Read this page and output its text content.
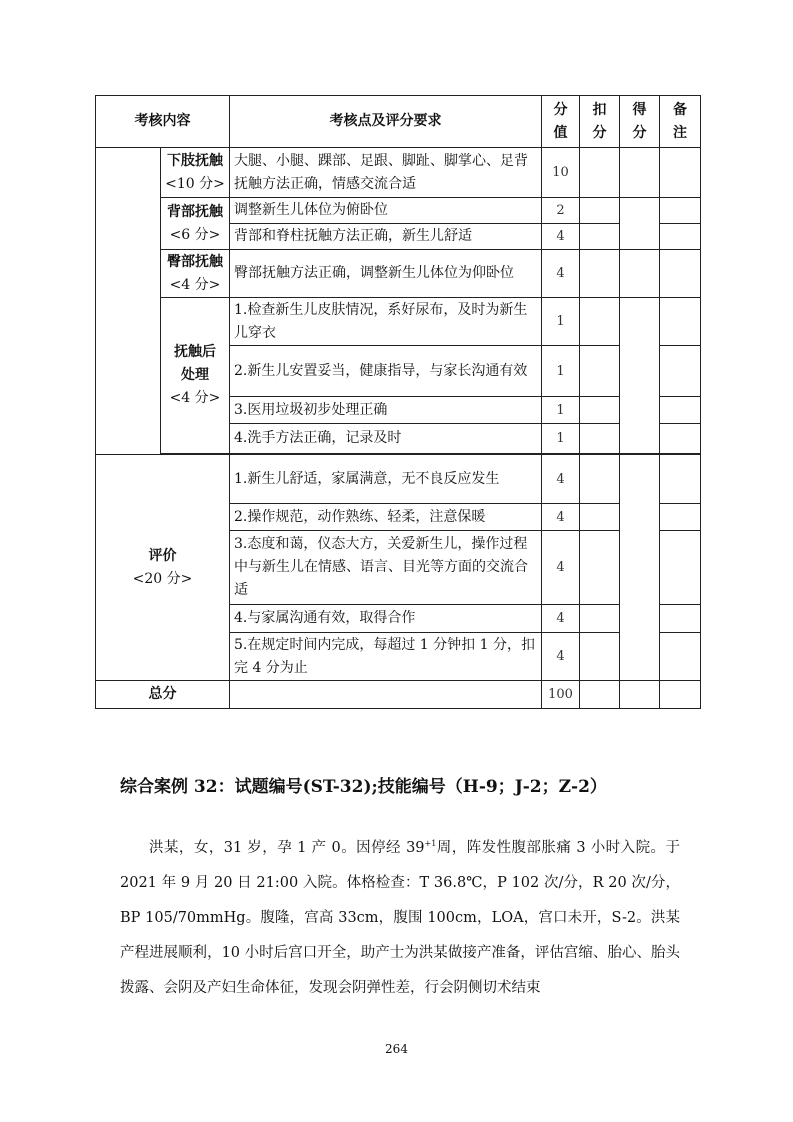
考核内容		考核点及评分要求	分值	扣分	得分	备注
	下肢抚触
<10 分>	大腿、小腿、踝部、足跟、脚趾、脚掌心、足背抚触方法正确，情感交流合适	10			
	背部抚触
<6 分>	调整新生儿体位为俯卧位	2			
		背部和脊柱抚触方法正确，新生儿舒适	4			
	臀部抚触
<4 分>	臀部抚触方法正确，调整新生儿体位为仰卧位	4			
	抚触后处理
<4 分>	1.检查新生儿皮肤情况，系好尿布，及时为新生儿穿衣	1			
		2.新生儿安置妥当，健康指导，与家长沟通有效	1			
		3.医用垃圾初步处理正确	1			
		4.洗手方法正确，记录及时	1			

评价
<20 分>		1.新生儿舒适，家属满意，无不良反应发生	4			
		2.操作规范，动作熟练、轻柔，注意保暖	4			
		3.态度和蔼，仪态大方，关爱新生儿，操作过程中与新生儿在情感、语言、目光等方面的交流合适	4			
		4.与家属沟通有效，取得合作	4			
		5.在规定时间内完成，每超过 1 分钟扣 1 分，扣完 4 分为止	4			
总分			100			
综合案例 32：试题编号(ST-32);技能编号（H-9；J-2；Z-2）

洪某，女，31 岁，孕 1 产 0。因停经 $39^{+1}$周，阵发性腹部胀痛 3 小时入院。于 2021 年 9 月 20 日 21:00 入院。体格检查：T 36.8℃，P 102 次/分，R 20 次/分，BP 105/70mmHg。腹隆，宫高 33cm，腹围 100cm，LOA，宫口未开，S-2。洪某产程进展顺利，10 小时后宫口开全，助产士为洪某做接产准备，评估宫缩、胎心、胎头拨露、会阴及产妇生命体征，发现会阴弹性差，行会阴侧切术结束

264
